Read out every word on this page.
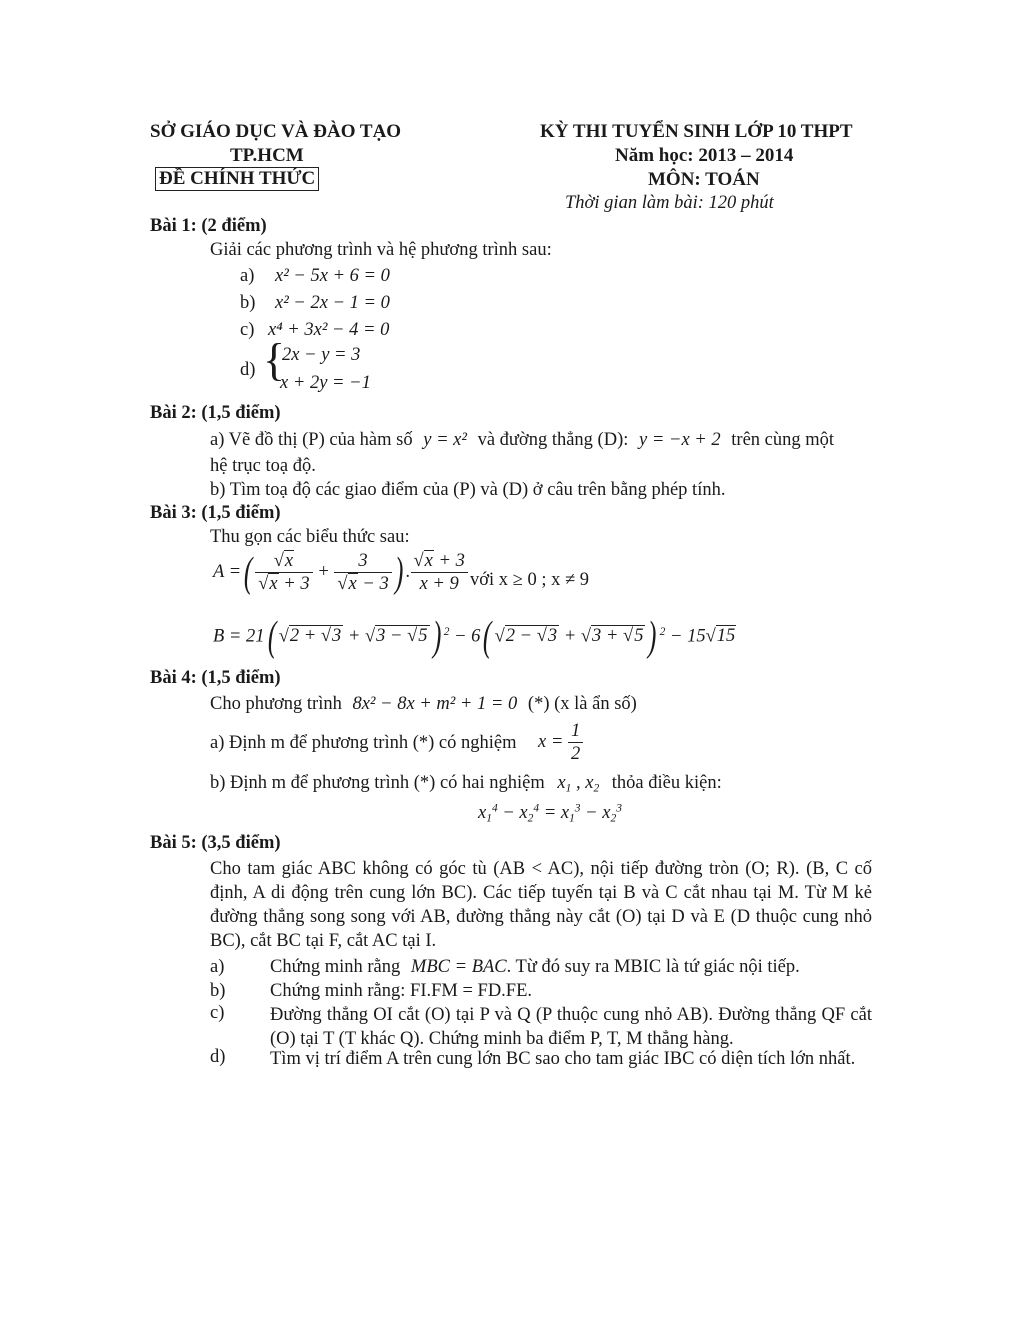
SỞ GIÁO DỤC VÀ ĐÀO TẠO
TP.HCM
ĐỀ CHÍNH THỨC
KỲ THI TUYỂN SINH LỚP 10 THPT
Năm học: 2013 – 2014
MÔN: TOÁN
Thời gian làm bài: 120 phút
Bài 1: (2 điểm)
Giải các phương trình và hệ phương trình sau:
a) x² − 5x + 6 = 0
b) x² − 2x − 1 = 0
c) x⁴ + 3x² − 4 = 0
d) {
2x − y = 3
x + 2y = −1
Bài 2: (1,5 điểm)
a) Vẽ đồ thị (P) của hàm số y = x² và đường thẳng (D): y = −x + 2 trên cùng một
hệ trục toạ độ.
b) Tìm toạ độ các giao điểm của (P) và (D) ở câu trên bằng phép tính.
Bài 3: (1,5 điểm)
Thu gọn các biểu thức sau:
A =( $\frac{√x}{√x + 3} + \frac{3}{√x - 3}$ ) . $\frac{√x + 3}{x + 9}$ với x ≥ 0 ; x ≠ 9
B = 21( √2 + √3 + √3 − √5 ) $^2$ − 6( √2 − √3 + √3 + √5 ) $^2$ − 15√15
Bài 4: (1,5 điểm)
Cho phương trình 8x² − 8x + m² + 1 = 0 (*) (x là ẩn số)
a) Định m để phương trình (*) có nghiệm $x = \frac{1}{2}$
b) Định m để phương trình (*) có hai nghiệm $x_1$ , $x_2$ thỏa điều kiện:
$x_1^4 - x_2^4 = x_1^3 - x_2^3$
Bài 5: (3,5 điểm)
Cho tam giác ABC không có góc tù (AB < AC), nội tiếp đường tròn (O; R). (B, C cố định, A di động trên cung lớn BC). Các tiếp tuyến tại B và C cắt nhau tại M. Từ M kẻ đường thẳng song song với AB, đường thẳng này cắt (O) tại D và E (D thuộc cung nhỏ BC), cắt BC tại F, cắt AC tại I.
a) Chứng minh rằng MBC = BAC. Từ đó suy ra MBIC là tứ giác nội tiếp.
b) Chứng minh rằng: FI.FM = FD.FE.
c) Đường thẳng OI cắt (O) tại P và Q (P thuộc cung nhỏ AB). Đường thẳng QF cắt (O) tại T (T khác Q). Chứng minh ba điểm P, T, M thẳng hàng.
d) Tìm vị trí điểm A trên cung lớn BC sao cho tam giác IBC có diện tích lớn nhất.
